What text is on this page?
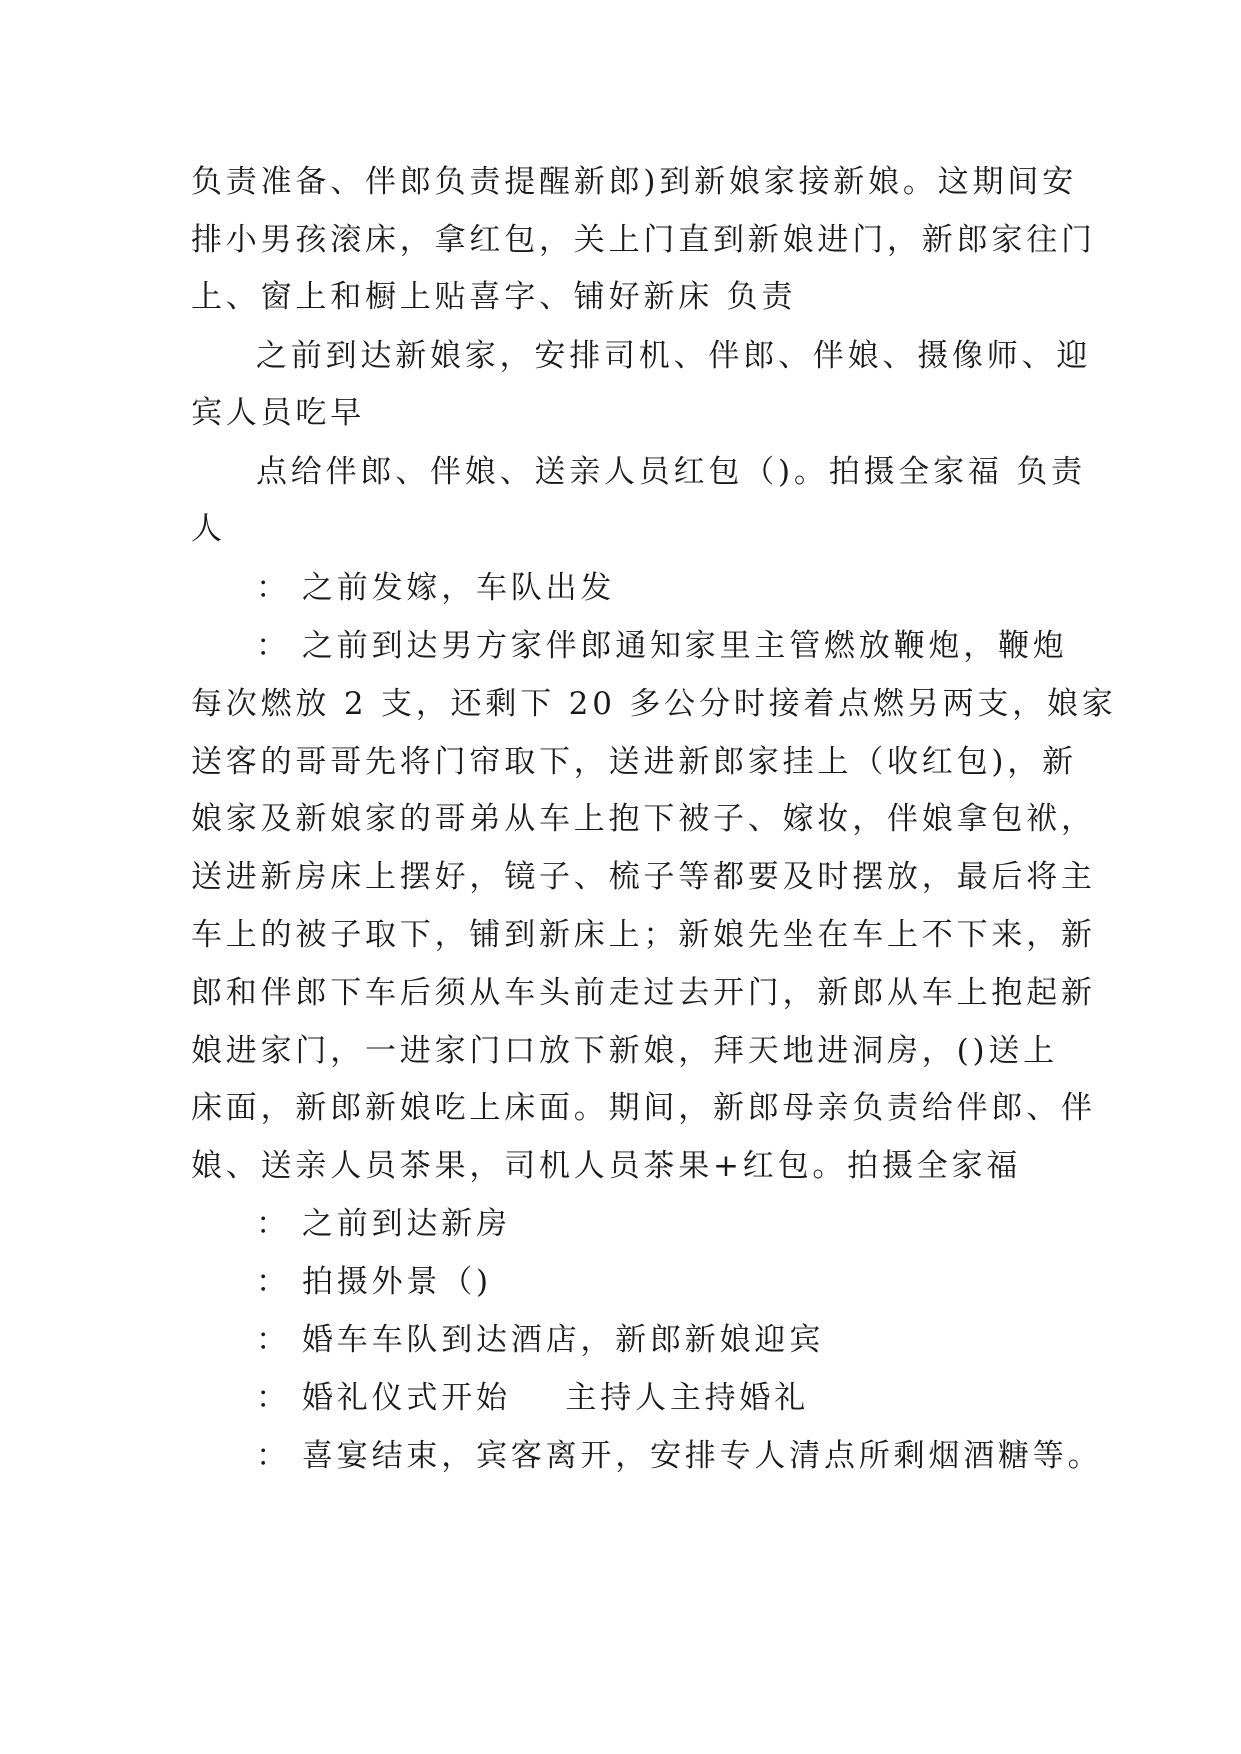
负责准备、伴郎负责提醒新郎)到新娘家接新娘。这期间安
排小男孩滚床，拿红包，关上门直到新娘进门，新郎家往门
上、窗上和橱上贴喜字、铺好新床 负责
之前到达新娘家，安排司机、伴郎、伴娘、摄像师、迎
宾人员吃早
点给伴郎、伴娘、送亲人员红包（)。拍摄全家福 负责
人
： 之前发嫁，车队出发
： 之前到达男方家伴郎通知家里主管燃放鞭炮，鞭炮
每次燃放 2 支，还剩下 20 多公分时接着点燃另两支，娘家
送客的哥哥先将门帘取下，送进新郎家挂上（收红包)，新
娘家及新娘家的哥弟从车上抱下被子、嫁妆，伴娘拿包袱，
送进新房床上摆好，镜子、梳子等都要及时摆放，最后将主
车上的被子取下，铺到新床上；新娘先坐在车上不下来，新
郎和伴郎下车后须从车头前走过去开门，新郎从车上抱起新
娘进家门，一进家门口放下新娘，拜天地进洞房，()送上
床面，新郎新娘吃上床面。期间，新郎母亲负责给伴郎、伴
娘、送亲人员茶果，司机人员茶果+红包。拍摄全家福
： 之前到达新房
： 拍摄外景（)
： 婚车车队到达酒店，新郎新娘迎宾
： 婚礼仪式开始    主持人主持婚礼
： 喜宴结束，宾客离开，安排专人清点所剩烟酒糖等。
